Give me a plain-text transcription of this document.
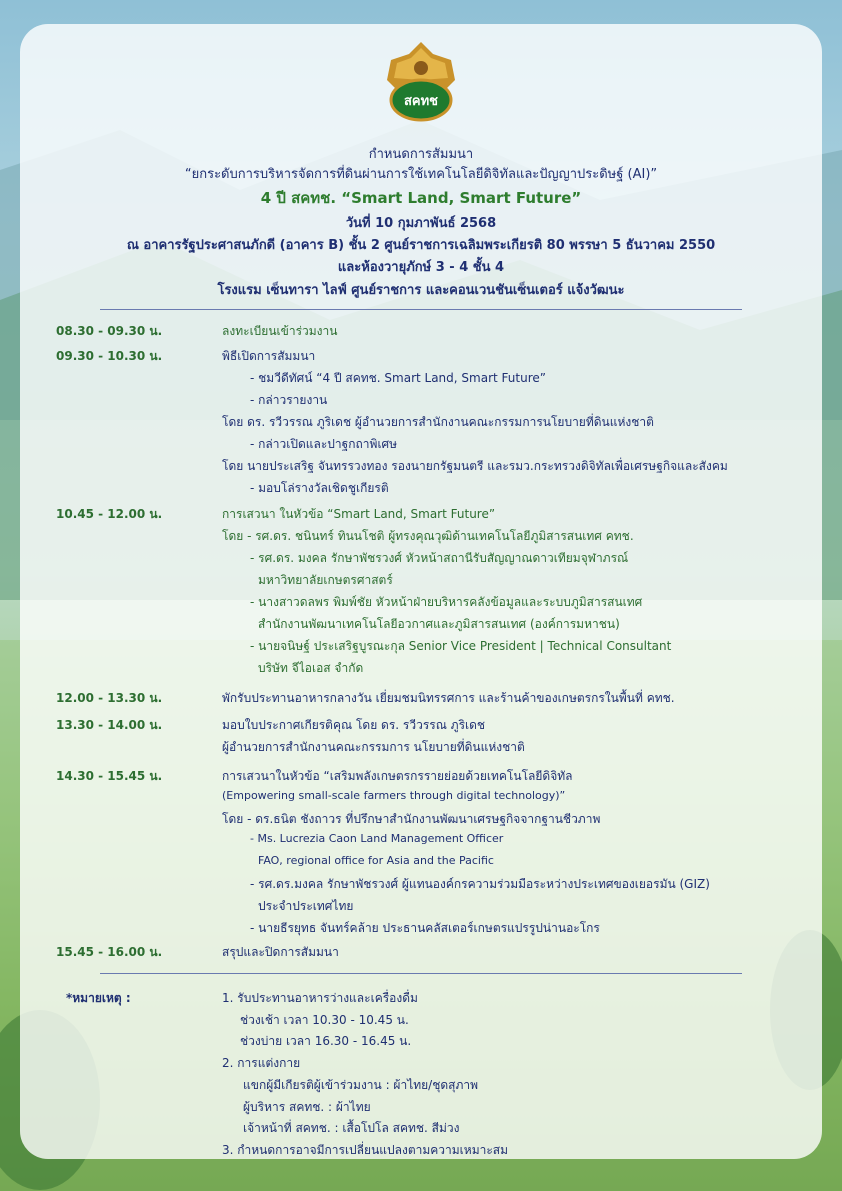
สคทช
กำหนดการสัมมนา
“ยกระดับการบริหารจัดการที่ดินผ่านการใช้เทคโนโลยีดิจิทัลและปัญญาประดิษฐ์ (AI)”
4 ปี สคทช. “Smart Land, Smart Future”
วันที่ 10 กุมภาพันธ์ 2568
ณ อาคารรัฐประศาสนภักดี (อาคาร B) ชั้น 2 ศูนย์ราชการเฉลิมพระเกียรติ 80 พรรษา 5 ธันวาคม 2550
และห้องวายุภักษ์ 3 - 4 ชั้น 4
โรงแรม เซ็นทารา ไลฟ์ ศูนย์ราชการ และคอนเวนชันเซ็นเตอร์ แจ้งวัฒนะ
08.30 - 09.30 น.	ลงทะเบียนเข้าร่วมงาน
09.30 - 10.30 น.	พิธีเปิดการสัมมนา
- ชมวีดีทัศน์ “4 ปี สคทช. Smart Land, Smart Future”
- กล่าวรายงาน
โดย ดร. รวีวรรณ ภูริเดช ผู้อำนวยการสำนักงานคณะกรรมการนโยบายที่ดินแห่งชาติ
- กล่าวเปิดและปาฐกถาพิเศษ
โดย นายประเสริฐ จันทรรวงทอง รองนายกรัฐมนตรี และรมว.กระทรวงดิจิทัลเพื่อเศรษฐกิจและสังคม
- มอบโล่รางวัลเชิดชูเกียรติ
10.45 - 12.00 น.	การเสวนา ในหัวข้อ “Smart Land, Smart Future”
โดย - รศ.ดร. ชนินทร์ ทินนโชติ ผู้ทรงคุณวุฒิด้านเทคโนโลยีภูมิสารสนเทศ คทช.
- รศ.ดร. มงคล รักษาพัชรวงศ์ หัวหน้าสถานีรับสัญญาณดาวเทียมจุฬาภรณ์
มหาวิทยาลัยเกษตรศาสตร์
- นางสาวดลพร พิมพ์ชัย หัวหน้าฝ่ายบริหารคลังข้อมูลและระบบภูมิสารสนเทศ
สำนักงานพัฒนาเทคโนโลยีอวกาศและภูมิสารสนเทศ (องค์การมหาชน)
- นายจนิษฐ์ ประเสริฐบูรณะกุล Senior Vice President | Technical Consultant
บริษัท จีไอเอส จำกัด
12.00 - 13.30 น.	พักรับประทานอาหารกลางวัน เยี่ยมชมนิทรรศการ และร้านค้าของเกษตรกรในพื้นที่ คทช.
13.30 - 14.00 น.	มอบใบประกาศเกียรติคุณ โดย ดร. รวีวรรณ ภูริเดช
ผู้อำนวยการสำนักงานคณะกรรมการ นโยบายที่ดินแห่งชาติ
14.30 - 15.45 น.	การเสวนาในหัวข้อ “เสริมพลังเกษตรกรรายย่อยด้วยเทคโนโลยีดิจิทัล
(Empowering small-scale farmers through digital technology)”
โดย - ดร.ธนิต ชังถาวร ที่ปรึกษาสำนักงานพัฒนาเศรษฐกิจจากฐานชีวภาพ
- Ms. Lucrezia Caon Land Management Officer
FAO, regional office for Asia and the Pacific
- รศ.ดร.มงคล รักษาพัชรวงศ์ ผู้แทนองค์กรความร่วมมือระหว่างประเทศของเยอรมัน (GIZ)
ประจำประเทศไทย
- นายธีรยุทธ จันทร์คล้าย ประธานคลัสเตอร์เกษตรแปรรูปน่านอะโกร
15.45 - 16.00 น.	สรุปและปิดการสัมมนา
*หมายเหตุ :	1. รับประทานอาหารว่างและเครื่องดื่ม
ช่วงเช้า เวลา 10.30 - 10.45 น.
ช่วงบ่าย เวลา 16.30 - 16.45 น.
2. การแต่งกาย
แขกผู้มีเกียรติผู้เข้าร่วมงาน : ผ้าไทย/ชุดสุภาพ
ผู้บริหาร สคทช. : ผ้าไทย
เจ้าหน้าที่ สคทช. : เสื้อโปโล สคทช. สีม่วง
3. กำหนดการอาจมีการเปลี่ยนแปลงตามความเหมาะสม
